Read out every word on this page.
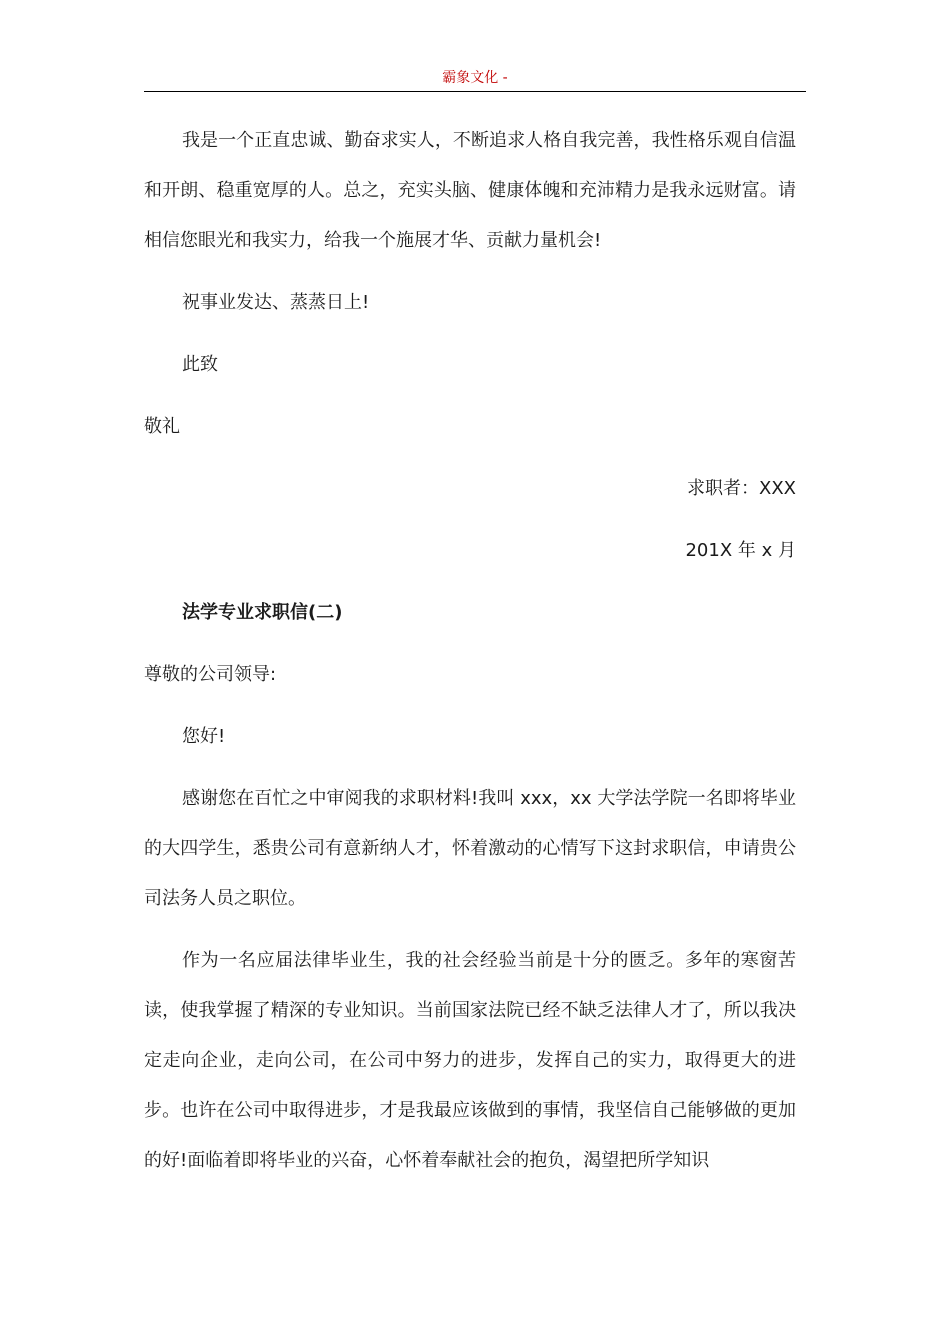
霸象文化 -

我是一个正直忠诚、勤奋求实人，不断追求人格自我完善，我性格乐观自信温和开朗、稳重宽厚的人。总之，充实头脑、健康体魄和充沛精力是我永远财富。请相信您眼光和我实力，给我一个施展才华、贡献力量机会!

祝事业发达、蒸蒸日上!

此致

敬礼

求职者：XXX

201X 年 x 月

法学专业求职信(二)

尊敬的公司领导:

您好!

感谢您在百忙之中审阅我的求职材料!我叫 xxx，xx 大学法学院一名即将毕业的大四学生，悉贵公司有意新纳人才，怀着激动的心情写下这封求职信，申请贵公司法务人员之职位。

作为一名应届法律毕业生，我的社会经验当前是十分的匮乏。多年的寒窗苦读，使我掌握了精深的专业知识。当前国家法院已经不缺乏法律人才了，所以我决定走向企业，走向公司，在公司中努力的进步，发挥自己的实力，取得更大的进步。也许在公司中取得进步，才是我最应该做到的事情，我坚信自己能够做的更加的好!面临着即将毕业的兴奋，心怀着奉献社会的抱负，渴望把所学知识
